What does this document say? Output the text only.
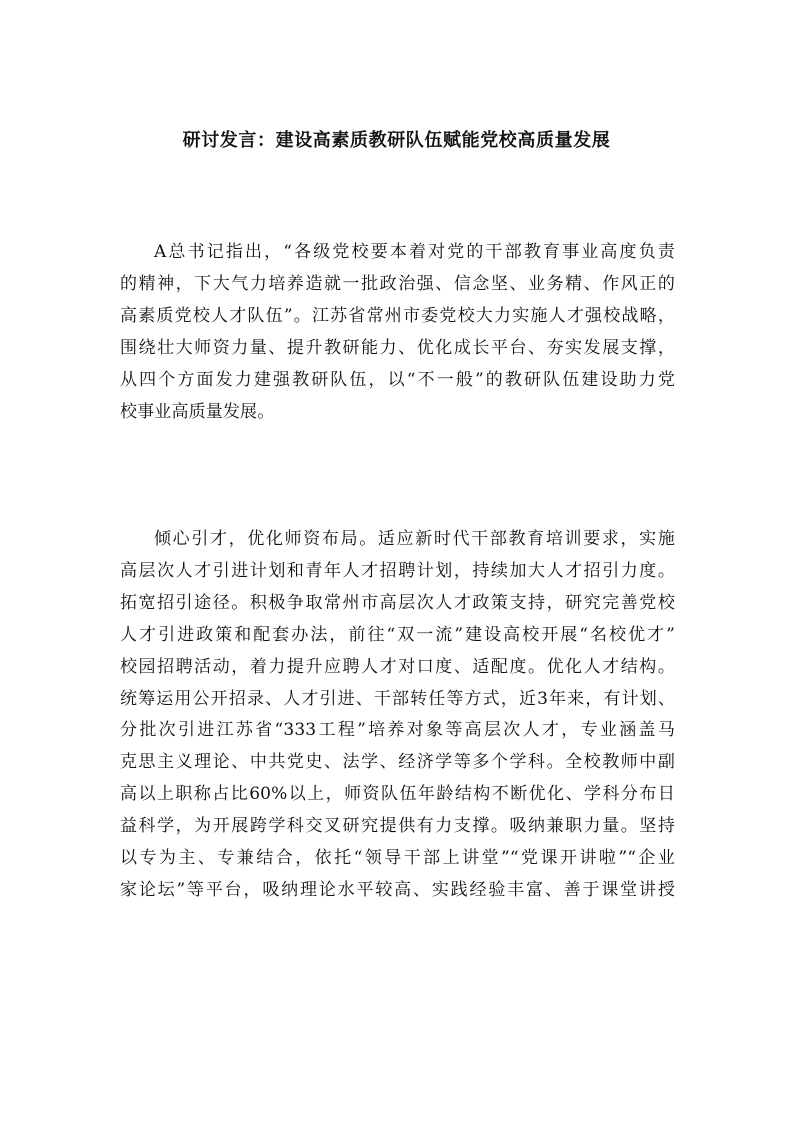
研讨发言：建设高素质教研队伍赋能党校高质量发展

A总书记指出，“各级党校要本着对党的干部教育事业高度负责
的精神，下大气力培养造就一批政治强、信念坚、业务精、作风正的
高素质党校人才队伍”。江苏省常州市委党校大力实施人才强校战略，
围绕壮大师资力量、提升教研能力、优化成长平台、夯实发展支撑，
从四个方面发力建强教研队伍，以“不一般”的教研队伍建设助力党
校事业高质量发展。

倾心引才，优化师资布局。适应新时代干部教育培训要求，实施
高层次人才引进计划和青年人才招聘计划，持续加大人才招引力度。
拓宽招引途径。积极争取常州市高层次人才政策支持，研究完善党校
人才引进政策和配套办法，前往“双一流”建设高校开展“名校优才”
校园招聘活动，着力提升应聘人才对口度、适配度。优化人才结构。
统筹运用公开招录、人才引进、干部转任等方式，近3年来，有计划、
分批次引进江苏省“333工程”培养对象等高层次人才，专业涵盖马
克思主义理论、中共党史、法学、经济学等多个学科。全校教师中副
高以上职称占比60%以上，师资队伍年龄结构不断优化、学科分布日
益科学，为开展跨学科交叉研究提供有力支撑。吸纳兼职力量。坚持
以专为主、专兼结合，依托“领导干部上讲堂”“党课开讲啦”“企业
家论坛”等平台，吸纳理论水平较高、实践经验丰富、善于课堂讲授
